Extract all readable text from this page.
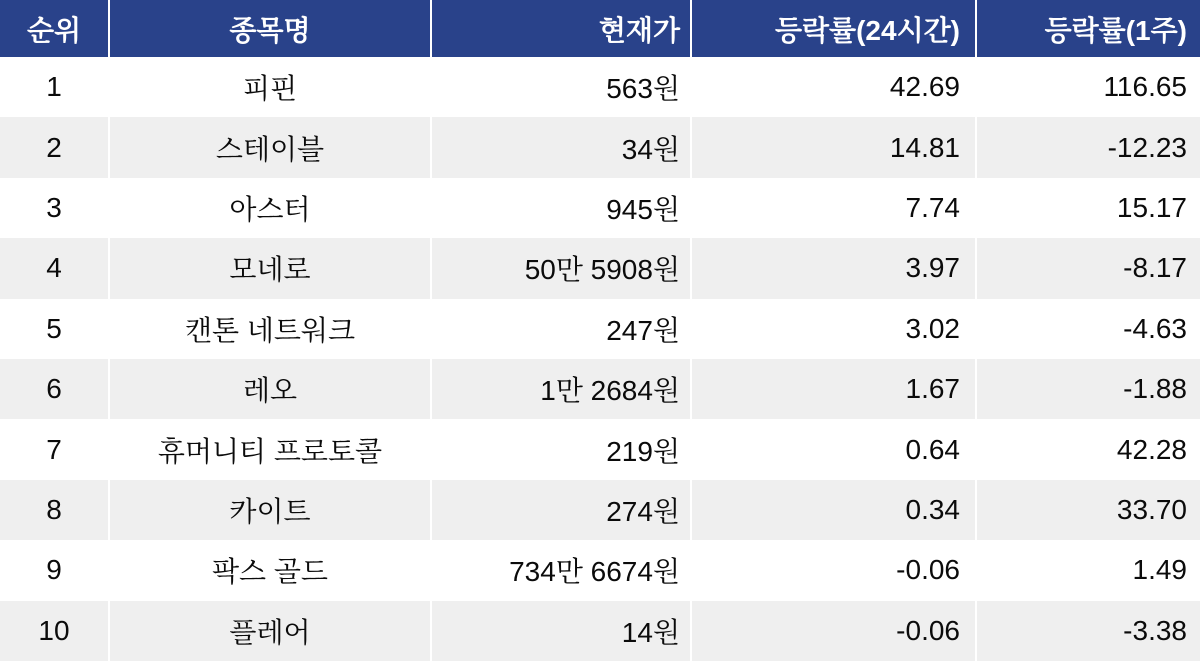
순위	종목명	현재가	등락률(24시간)	등락률(1주)
1	피핀	563원	42.69	116.65
2	스테이블	34원	14.81	-12.23
3	아스터	945원	7.74	15.17
4	모네로	50만 5908원	3.97	-8.17
5	캔톤 네트워크	247원	3.02	-4.63
6	레오	1만 2684원	1.67	-1.88
7	휴머니티 프로토콜	219원	0.64	42.28
8	카이트	274원	0.34	33.70
9	팍스 골드	734만 6674원	-0.06	1.49
10	플레어	14원	-0.06	-3.38
